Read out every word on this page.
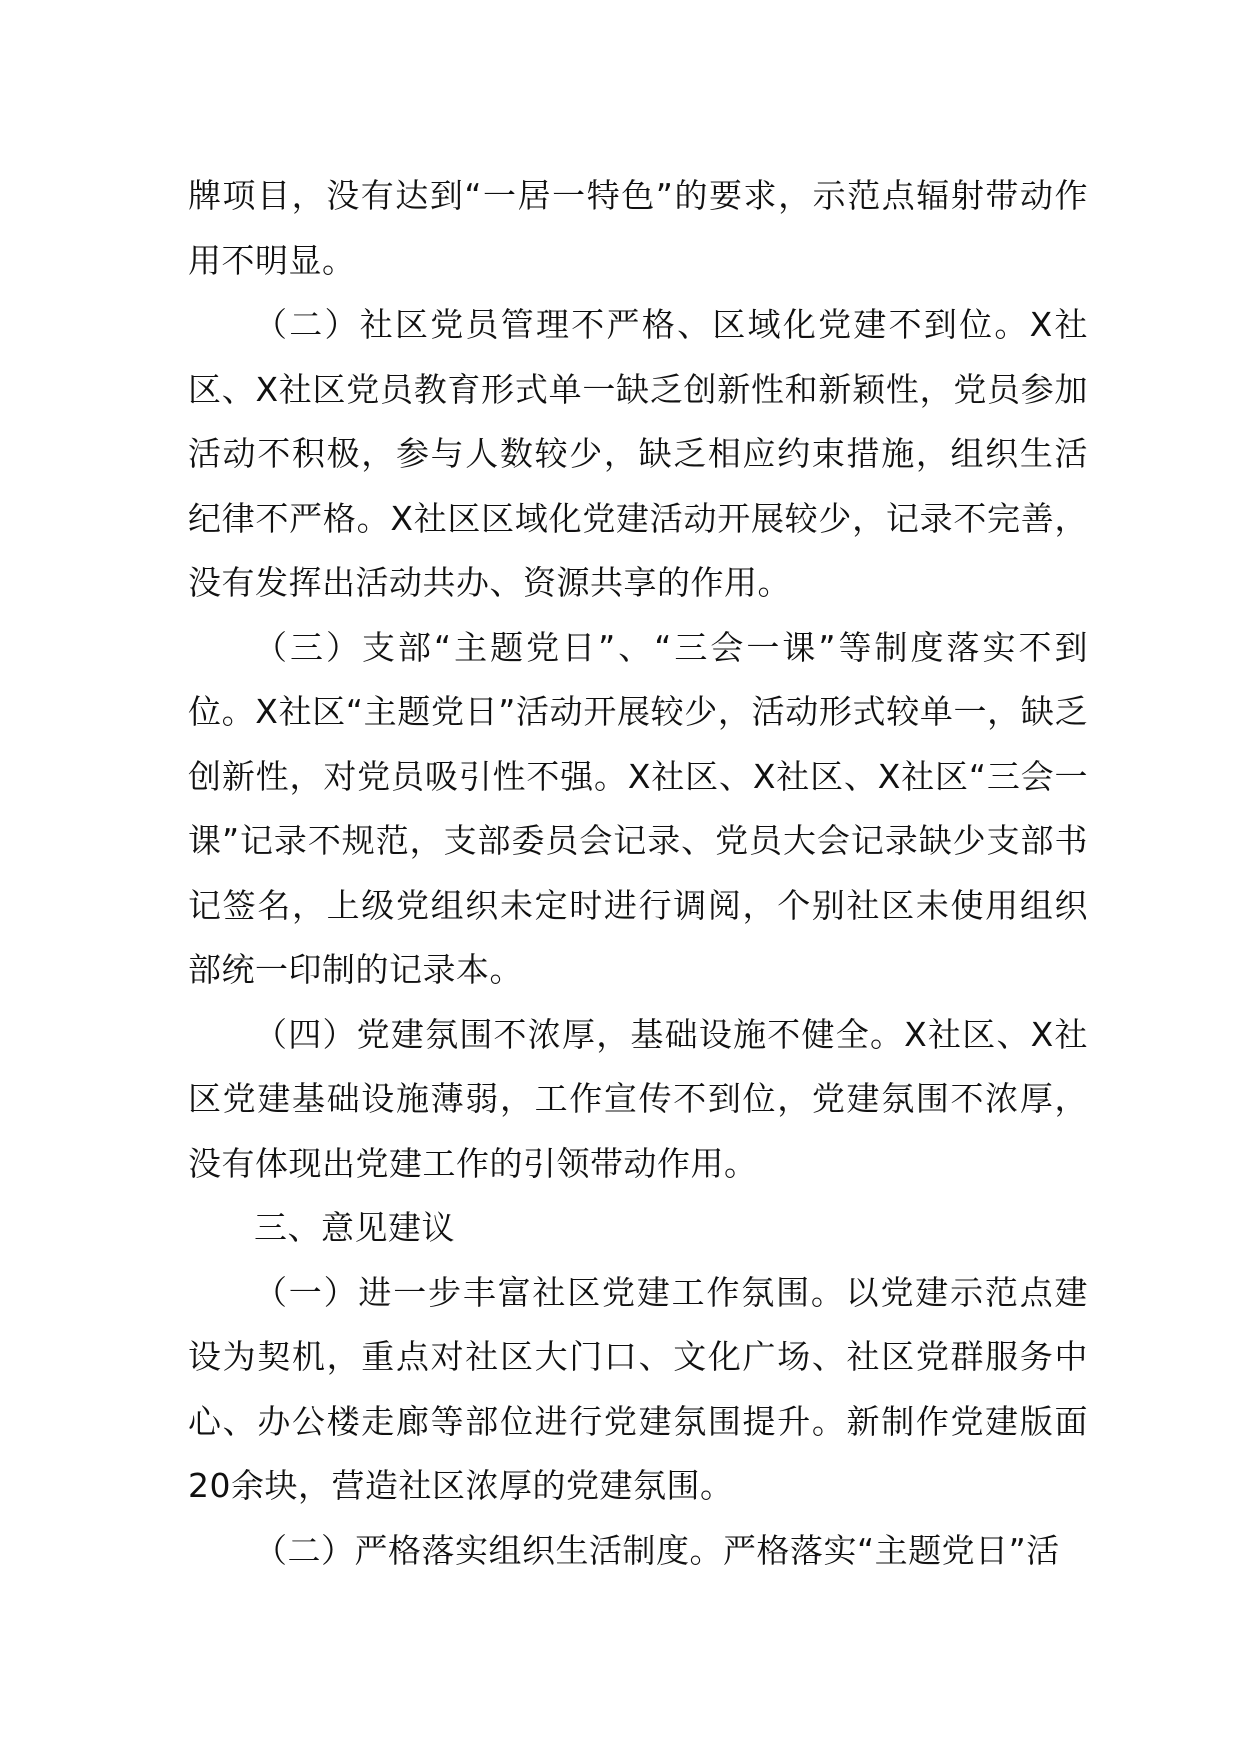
牌项目，没有达到“一居一特色”的要求，示范点辐射带动作用不明显。

（二）社区党员管理不严格、区域化党建不到位。X社区、X社区党员教育形式单一缺乏创新性和新颖性，党员参加活动不积极，参与人数较少，缺乏相应约束措施，组织生活纪律不严格。X社区区域化党建活动开展较少，记录不完善，没有发挥出活动共办、资源共享的作用。

（三）支部“主题党日”、“三会一课”等制度落实不到位。X社区“主题党日”活动开展较少，活动形式较单一，缺乏创新性，对党员吸引性不强。X社区、X社区、X社区“三会一课”记录不规范，支部委员会记录、党员大会记录缺少支部书记签名，上级党组织未定时进行调阅，个别社区未使用组织部统一印制的记录本。

（四）党建氛围不浓厚，基础设施不健全。X社区、X社区党建基础设施薄弱，工作宣传不到位，党建氛围不浓厚，没有体现出党建工作的引领带动作用。

三、意见建议

（一）进一步丰富社区党建工作氛围。以党建示范点建设为契机，重点对社区大门口、文化广场、社区党群服务中心、办公楼走廊等部位进行党建氛围提升。新制作党建版面20余块，营造社区浓厚的党建氛围。

（二）严格落实组织生活制度。严格落实“主题党日”活
